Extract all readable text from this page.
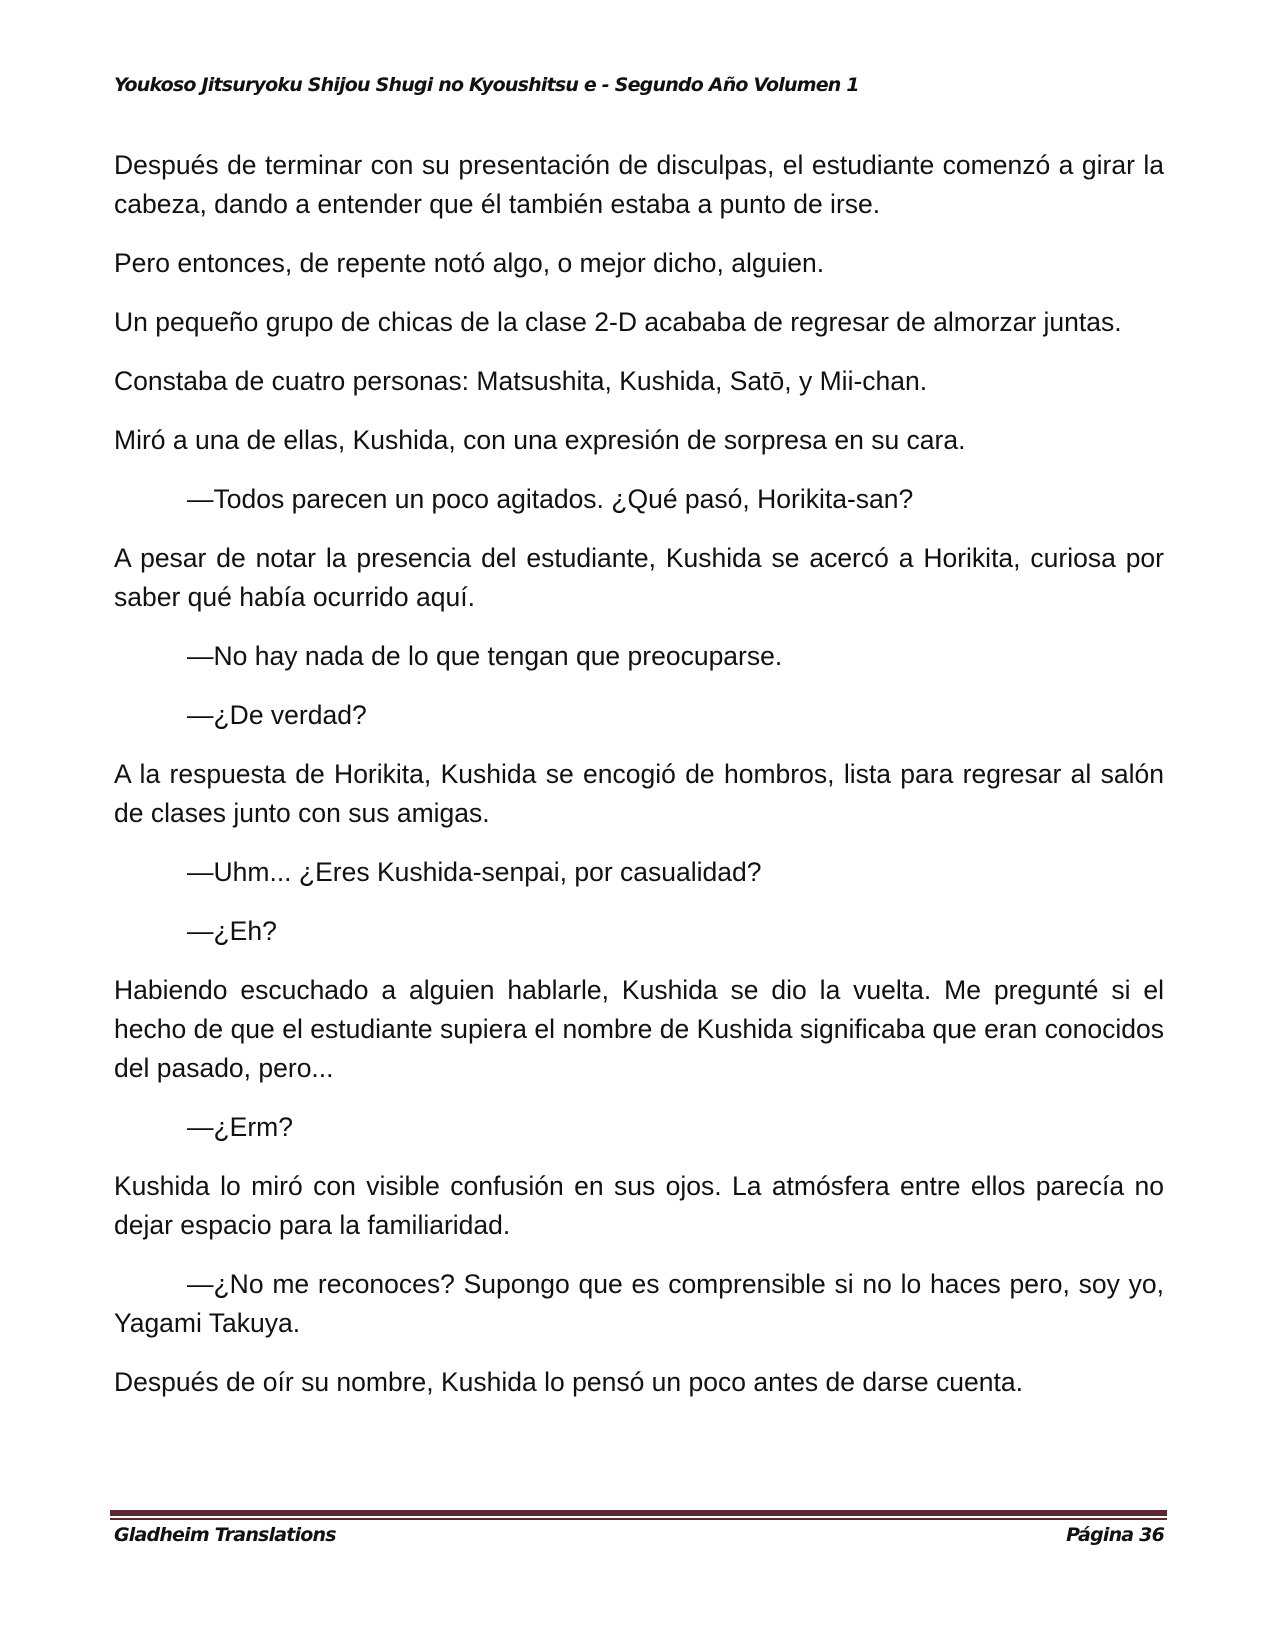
Youkoso Jitsuryoku Shijou Shugi no Kyoushitsu e - Segundo Año Volumen 1

Después de terminar con su presentación de disculpas, el estudiante comenzó a girar la cabeza, dando a entender que él también estaba a punto de irse.

Pero entonces, de repente notó algo, o mejor dicho, alguien.

Un pequeño grupo de chicas de la clase 2-D acababa de regresar de almorzar juntas.

Constaba de cuatro personas: Matsushita, Kushida, Satō, y Mii-chan.

Miró a una de ellas, Kushida, con una expresión de sorpresa en su cara.

—Todos parecen un poco agitados. ¿Qué pasó, Horikita-san?

A pesar de notar la presencia del estudiante, Kushida se acercó a Horikita, curiosa por saber qué había ocurrido aquí.

—No hay nada de lo que tengan que preocuparse.

—¿De verdad?

A la respuesta de Horikita, Kushida se encogió de hombros, lista para regresar al salón de clases junto con sus amigas.

—Uhm... ¿Eres Kushida-senpai, por casualidad?

—¿Eh?

Habiendo escuchado a alguien hablarle, Kushida se dio la vuelta. Me pregunté si el hecho de que el estudiante supiera el nombre de Kushida significaba que eran conocidos del pasado, pero...

—¿Erm?

Kushida lo miró con visible confusión en sus ojos. La atmósfera entre ellos parecía no dejar espacio para la familiaridad.

—¿No me reconoces? Supongo que es comprensible si no lo haces pero, soy yo, Yagami Takuya.

Después de oír su nombre, Kushida lo pensó un poco antes de darse cuenta.

Gladheim Translations	Página 36
